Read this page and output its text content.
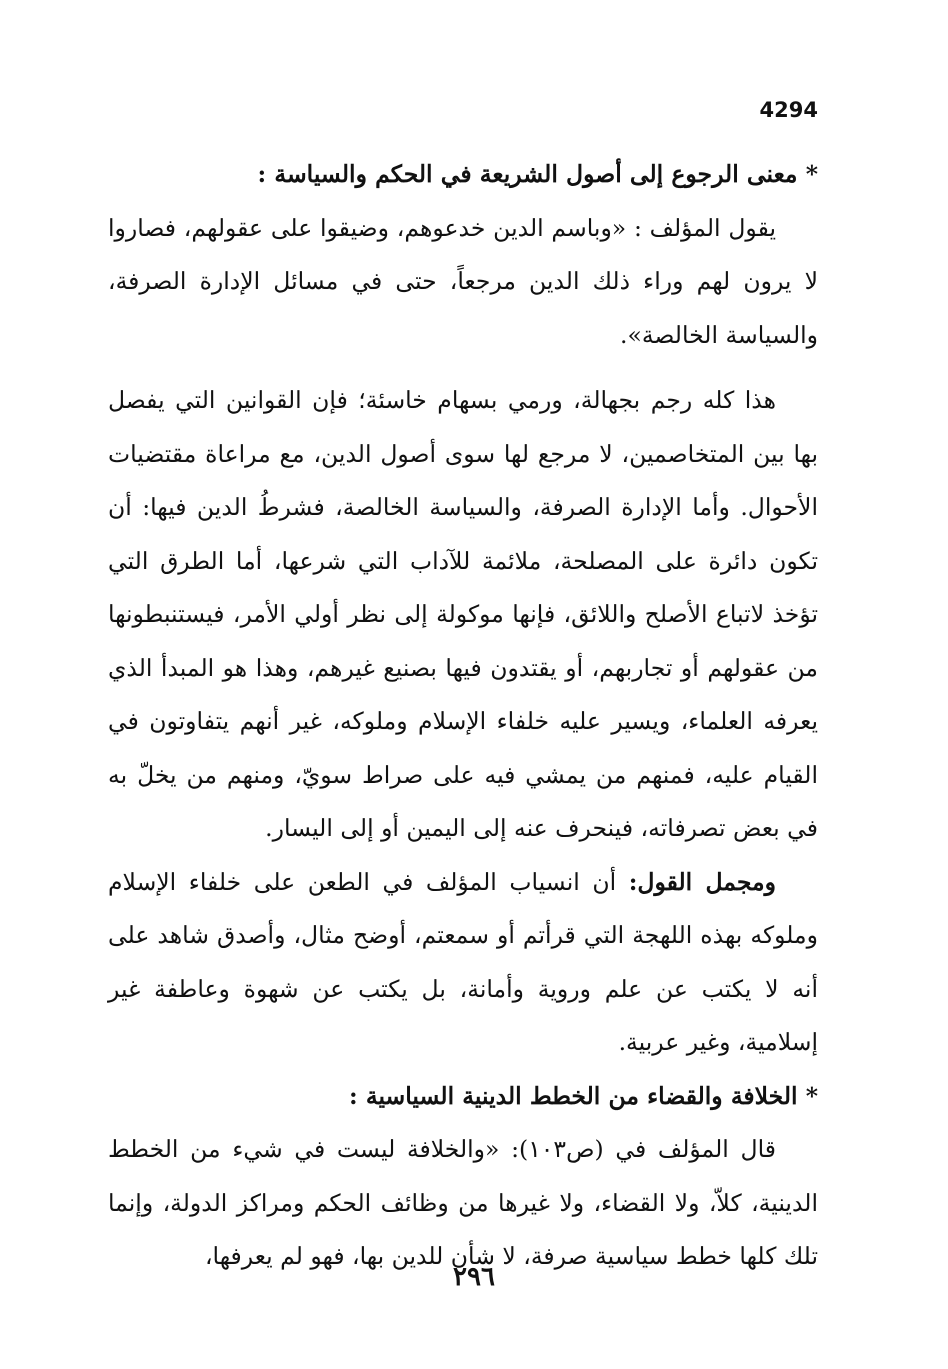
4294

* معنى الرجوع إلى أصول الشريعة في الحكم والسياسة :

يقول المؤلف : «وباسم الدين خدعوهم، وضيقوا على عقولهم، فصاروا لا يرون لهم وراء ذلك الدين مرجعاً، حتى في مسائل الإدارة الصرفة، والسياسة الخالصة».

هذا كله رجم بجهالة، ورمي بسهام خاسئة؛ فإن القوانين التي يفصل بها بين المتخاصمين، لا مرجع لها سوى أصول الدين، مع مراعاة مقتضيات الأحوال. وأما الإدارة الصرفة، والسياسة الخالصة، فشرطُ الدين فيها: أن تكون دائرة على المصلحة، ملائمة للآداب التي شرعها، أما الطرق التي تؤخذ لاتباع الأصلح واللائق، فإنها موكولة إلى نظر أولي الأمر، فيستنبطونها من عقولهم أو تجاربهم، أو يقتدون فيها بصنيع غيرهم، وهذا هو المبدأ الذي يعرفه العلماء، ويسير عليه خلفاء الإسلام وملوكه، غير أنهم يتفاوتون في القيام عليه، فمنهم من يمشي فيه على صراط سويّ، ومنهم من يخلّ به في بعض تصرفاته، فينحرف عنه إلى اليمين أو إلى اليسار.

ومجمل القول: أن انسياب المؤلف في الطعن على خلفاء الإسلام وملوكه بهذه اللهجة التي قرأتم أو سمعتم، أوضح مثال، وأصدق شاهد على أنه لا يكتب عن علم وروية وأمانة، بل يكتب عن شهوة وعاطفة غير إسلامية، وغير عربية.

* الخلافة والقضاء من الخطط الدينية السياسية :

قال المؤلف في (ص١٠٣): «والخلافة ليست في شيء من الخطط الدينية، كلاّ، ولا القضاء، ولا غيرها من وظائف الحكم ومراكز الدولة، وإنما تلك كلها خطط سياسية صرفة، لا شأن للدين بها، فهو لم يعرفها،

٢٩٦
